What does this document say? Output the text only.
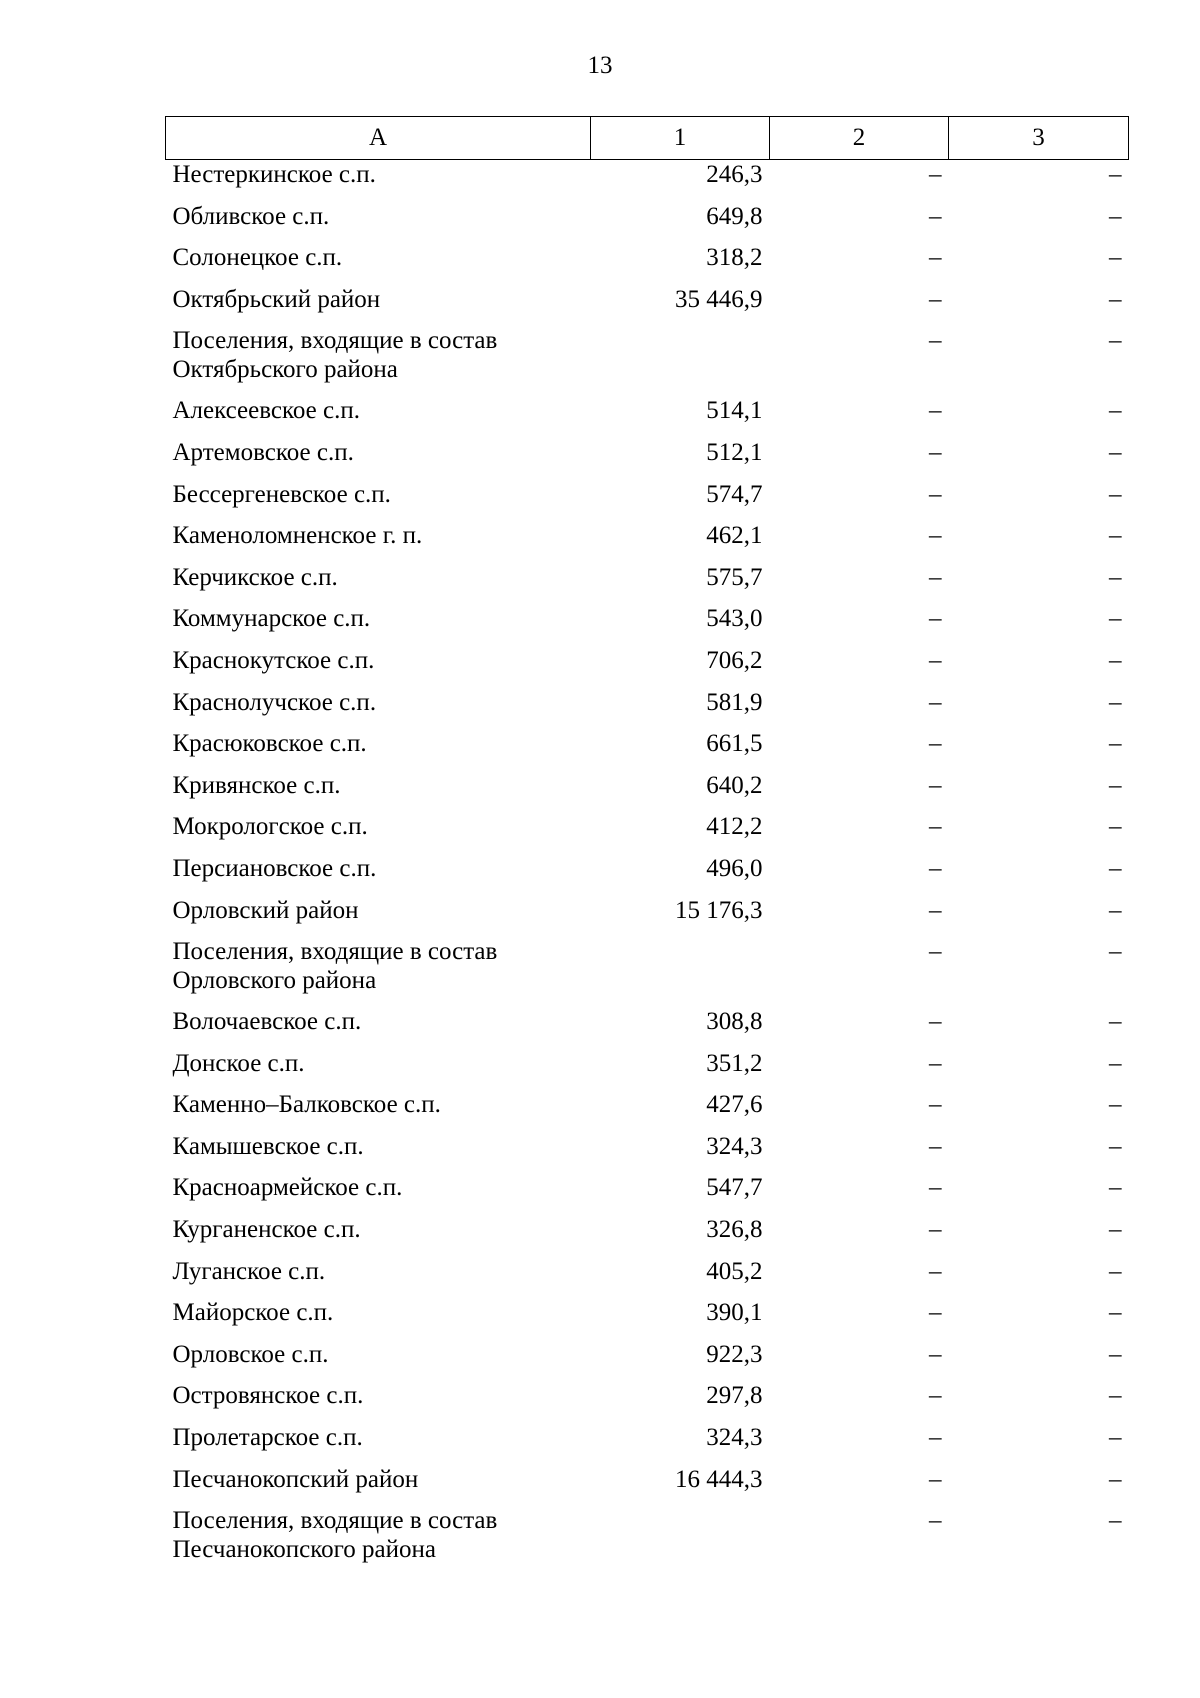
13
А	1	2	3
Нестеркинское с.п.	246,3	–	–
Обливское с.п.	649,8	–	–
Солонецкое с.п.	318,2	–	–
Октябрьский район	35 446,9	–	–
Поселения, входящие в состав
Октябрьского района		–	–
Алексеевское с.п.	514,1	–	–
Артемовское с.п.	512,1	–	–
Бессергеневское с.п.	574,7	–	–
Каменоломненское г. п.	462,1	–	–
Керчикское с.п.	575,7	–	–
Коммунарское с.п.	543,0	–	–
Краснокутское с.п.	706,2	–	–
Краснолучское с.п.	581,9	–	–
Красюковское с.п.	661,5	–	–
Кривянское с.п.	640,2	–	–
Мокрологское с.п.	412,2	–	–
Персиановское с.п.	496,0	–	–
Орловский район	15 176,3	–	–
Поселения, входящие в состав
Орловского района		–	–
Волочаевское с.п.	308,8	–	–
Донское с.п.	351,2	–	–
Каменно–Балковское с.п.	427,6	–	–
Камышевское с.п.	324,3	–	–
Красноармейское с.п.	547,7	–	–
Курганенское с.п.	326,8	–	–
Луганское с.п.	405,2	–	–
Майорское с.п.	390,1	–	–
Орловское с.п.	922,3	–	–
Островянское с.п.	297,8	–	–
Пролетарское с.п.	324,3	–	–
Песчанокопский район	16 444,3	–	–
Поселения, входящие в состав
Песчанокопского района		–	–
